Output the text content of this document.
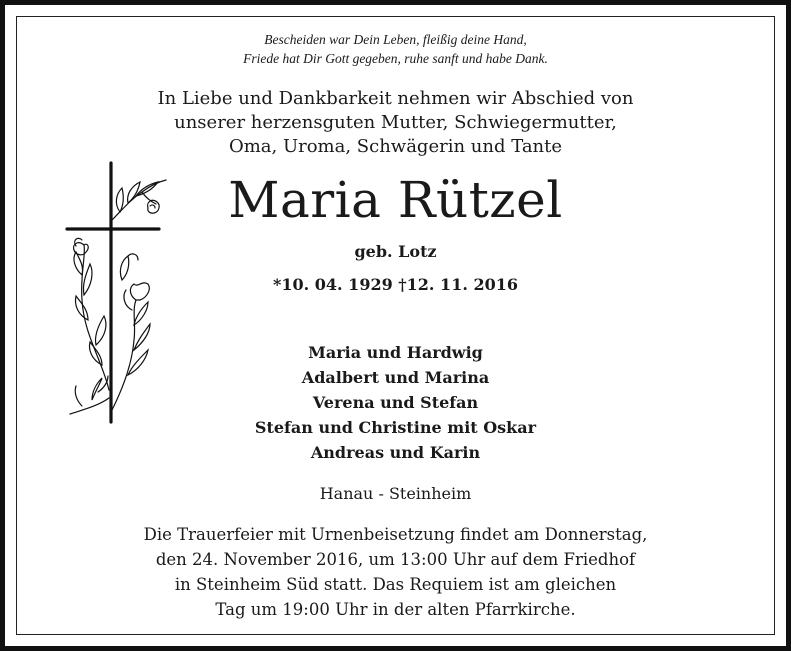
Bescheiden war Dein Leben, fleißig deine Hand,
Friede hat Dir Gott gegeben, ruhe sanft und habe Dank.
In Liebe und Dankbarkeit nehmen wir Abschied von
unserer herzensguten Mutter, Schwiegermutter,
Oma, Uroma, Schwägerin und Tante
Maria Rützel
geb. Lotz
*10. 04. 1929 †12. 11. 2016
Maria und Hardwig
Adalbert und Marina
Verena und Stefan
Stefan und Christine mit Oskar
Andreas und Karin
Hanau - Steinheim
Die Trauerfeier mit Urnenbeisetzung findet am Donnerstag,
den 24. November 2016, um 13:00 Uhr auf dem Friedhof
in Steinheim Süd statt. Das Requiem ist am gleichen
Tag um 19:00 Uhr in der alten Pfarrkirche.
